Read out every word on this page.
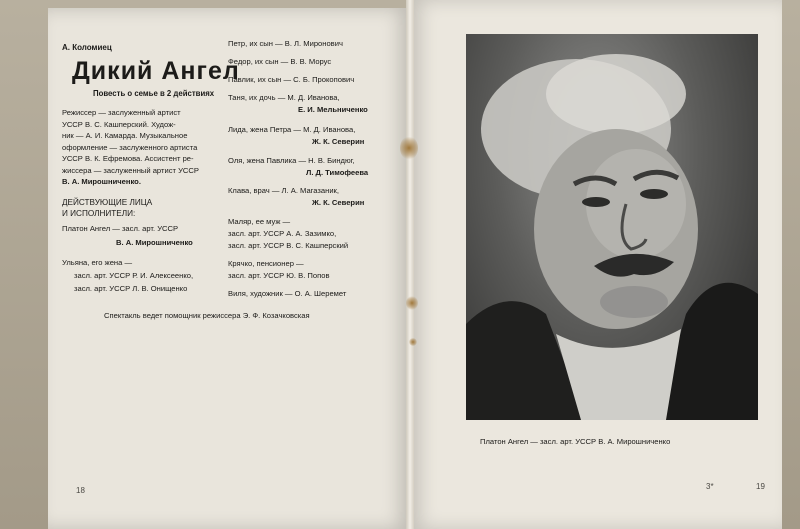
А. Коломиец
Дикий Ангел
Повесть о семье в 2 действиях
Режиссер — заслуженный артист
УССР В. С. Кашперский. Худож-
ник — А. И. Камарда. Музыкальное
оформление — заслуженного артиста
УССР В. К. Ефремова. Ассистент ре-
жиссера — заслуженный артист УССР
В. А. Мирошниченко.
ДЕЙСТВУЮЩИЕ ЛИЦА
И ИСПОЛНИТЕЛИ:
Платон Ангел — засл. арт. УССР
В. А. Мирошниченко
Ульяна, его жена —
засл. арт. УССР Р. И. Алексеенко,
засл. арт. УССР Л. В. Онищенко
Петр, их сын — В. Л. Миронович
Федор, их сын — В. В. Морус
Павлик, их сын — С. Б. Прокопович
Таня, их дочь — М. Д. Иванова,
Е. И. Мельниченко
Лида, жена Петра — М. Д. Иванова,
Ж. К. Северин
Оля, жена Павлика — Н. В. Биндюг,
Л. Д. Тимофеева
Клава, врач — Л. А. Магазаник,
Ж. К. Северин
Маляр, ее муж —
засл. арт. УССР А. А. Зазимко,
засл. арт. УССР В. С. Кашперский
Крячко, пенсионер —
засл. арт. УССР Ю. В. Попов
Виля, художник — О. А. Шеремет
Спектакль ведет помощник режиссера Э. Ф. Козачковская
18
Платон Ангел — засл. арт. УССР В. А. Мирошниченко
3*	19
